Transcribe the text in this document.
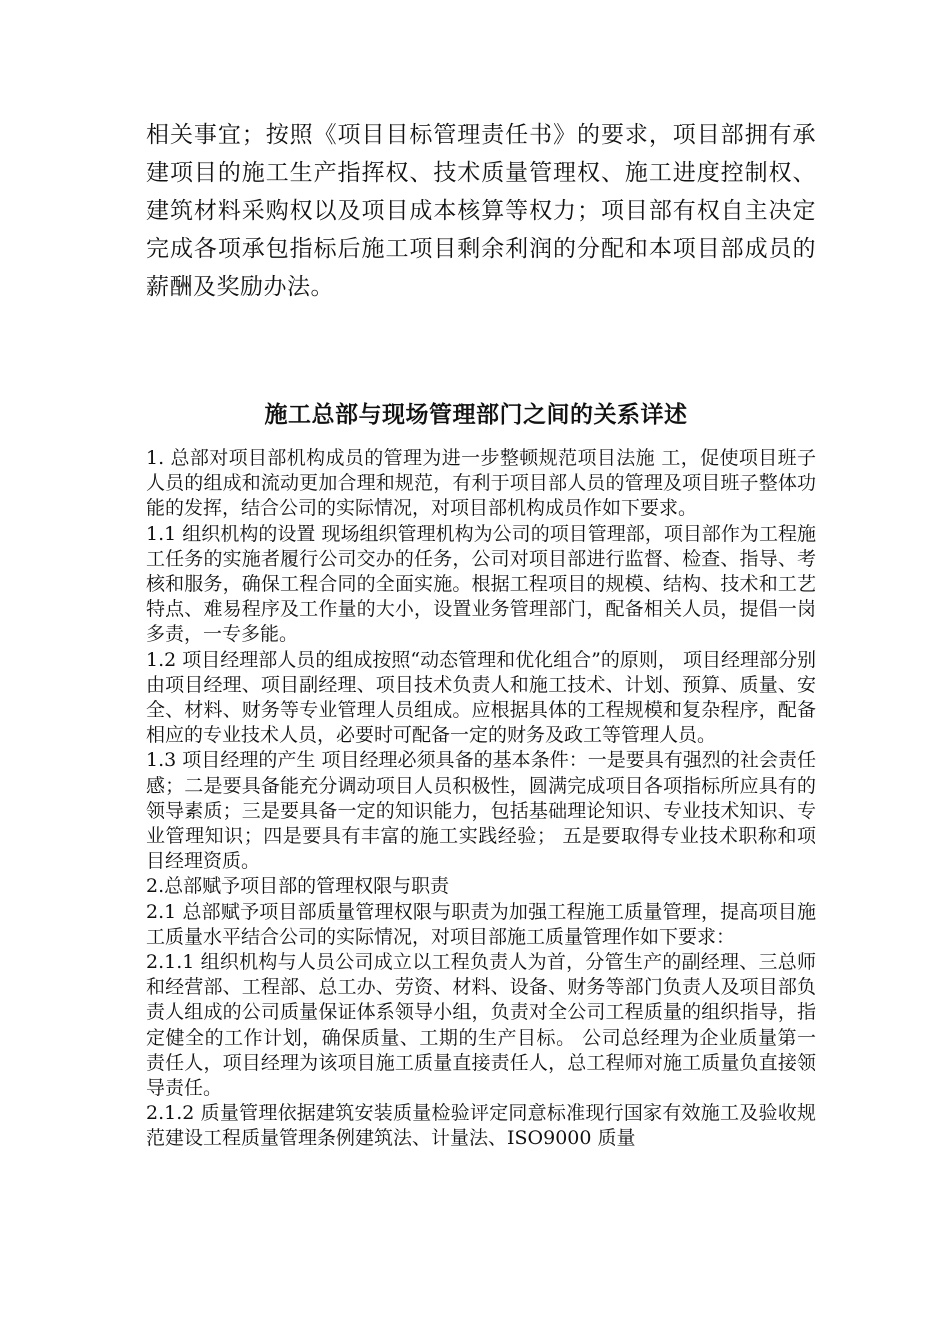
相关事宜；按照《项目目标管理责任书》的要求，项目部拥有承建项目的施工生产指挥权、技术质量管理权、施工进度控制权、建筑材料采购权以及项目成本核算等权力；项目部有权自主决定完成各项承包指标后施工项目剩余利润的分配和本项目部成员的薪酬及奖励办法。

施工总部与现场管理部门之间的关系详述

1. 总部对项目部机构成员的管理为进一步整顿规范项目法施 工，促使项目班子人员的组成和流动更加合理和规范，有利于项目部人员的管理及项目班子整体功能的发挥，结合公司的实际情况，对项目部机构成员作如下要求。

1.1 组织机构的设置 现场组织管理机构为公司的项目管理部，项目部作为工程施工任务的实施者履行公司交办的任务，公司对项目部进行监督、检查、指导、考核和服务，确保工程合同的全面实施。根据工程项目的规模、结构、技术和工艺特点、难易程序及工作量的大小，设置业务管理部门，配备相关人员，提倡一岗多责，一专多能。

1.2 项目经理部人员的组成按照“动态管理和优化组合”的原则， 项目经理部分别由项目经理、项目副经理、项目技术负责人和施工技术、计划、预算、质量、安全、材料、财务等专业管理人员组成。应根据具体的工程规模和复杂程序，配备相应的专业技术人员，必要时可配备一定的财务及政工等管理人员。

1.3 项目经理的产生 项目经理必须具备的基本条件：一是要具有强烈的社会责任感；二是要具备能充分调动项目人员积极性，圆满完成项目各项指标所应具有的领导素质；三是要具备一定的知识能力，包括基础理论知识、专业技术知识、专业管理知识；四是要具有丰富的施工实践经验； 五是要取得专业技术职称和项目经理资质。

2.总部赋予项目部的管理权限与职责

2.1 总部赋予项目部质量管理权限与职责为加强工程施工质量管理，提高项目施工质量水平结合公司的实际情况，对项目部施工质量管理作如下要求：

2.1.1 组织机构与人员公司成立以工程负责人为首，分管生产的副经理、三总师和经营部、工程部、总工办、劳资、材料、设备、财务等部门负责人及项目部负责人组成的公司质量保证体系领导小组，负责对全公司工程质量的组织指导，指定健全的工作计划，确保质量、工期的生产目标。 公司总经理为企业质量第一责任人，项目经理为该项目施工质量直接责任人，总工程师对施工质量负直接领导责任。

2.1.2 质量管理依据建筑安装质量检验评定同意标准现行国家有效施工及验收规范建设工程质量管理条例建筑法、计量法、ISO9000 质量
